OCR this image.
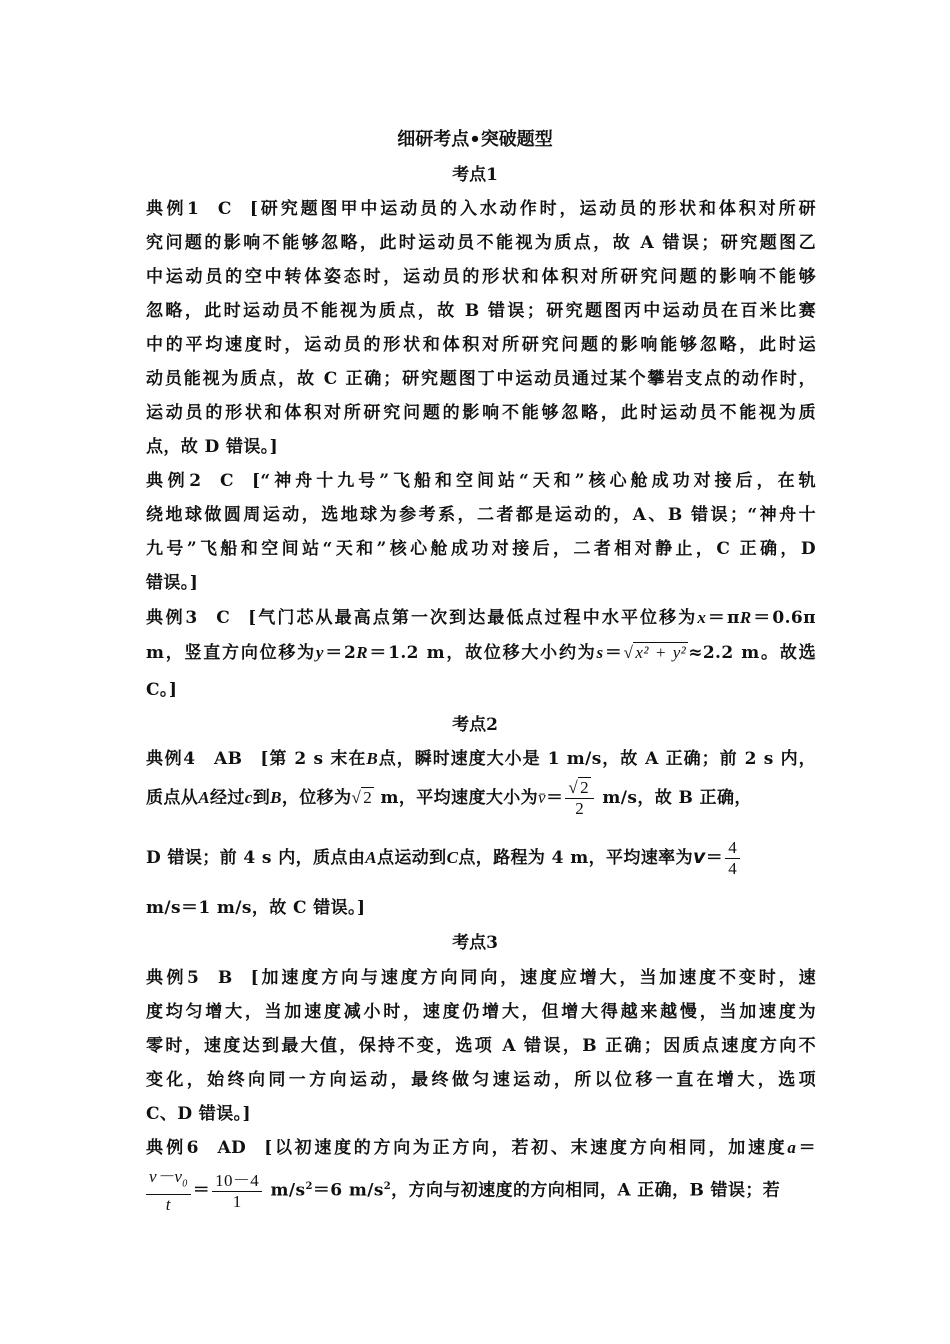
细研考点•突破题型
考点1
典例1 C [研究题图甲中运动员的入水动作时，运动员的形状和体积对所研
究问题的影响不能够忽略，此时运动员不能视为质点，故 A 错误；研究题图乙
中运动员的空中转体姿态时，运动员的形状和体积对所研究问题的影响不能够
忽略，此时运动员不能视为质点，故 B 错误；研究题图丙中运动员在百米比赛
中的平均速度时，运动员的形状和体积对所研究问题的影响能够忽略，此时运
动员能视为质点，故 C 正确；研究题图丁中运动员通过某个攀岩支点的动作时，
运动员的形状和体积对所研究问题的影响不能够忽略，此时运动员不能视为质
点，故 D 错误。]
典例2 C [“神舟十九号”飞船和空间站“天和”核心舱成功对接后，在轨
绕地球做圆周运动，选地球为参考系，二者都是运动的，A、B 错误；“神舟十
九号”飞船和空间站“天和”核心舱成功对接后，二者相对静止，C 正确，D
错误。]
典例3 C [气门芯从最高点第一次到达最低点过程中水平位移为x＝πR＝0.6π
m，竖直方向位移为y＝2R＝1.2 m，故位移大小约为s＝√ x² + y² ≈2.2 m。故选
C。]
考点2
典例4 AB [第 2 s 末在B点，瞬时速度大小是 1 m/s，故 A 正确；前 2 s 内，
质点从A经过c到B，位移为√ 2 m，平均速度大小为v̄＝ $\frac{√ 2}{2} m/s$，故 B 正确，
D 错误；前 4 s 内，质点由A点运动到C点，路程为 4 m，平均速率为$v= \frac{4}{4}$
m/s＝1 m/s，故 C 错误。]
考点3
典例5 B [加速度方向与速度方向同向，速度应增大，当加速度不变时，速
度均匀增大，当加速度减小时，速度仍增大，但增大得越来越慢，当加速度为
零时，速度达到最大值，保持不变，选项 A 错误，B 正确；因质点速度方向不
变化，始终向同一方向运动，最终做匀速运动，所以位移一直在增大，选项
C、D 错误。]
典例6 AD [以初速度的方向为正方向，若初、末速度方向相同，加速度a＝
$\frac{v-v_0}{t} = \frac{10-4}{1} m/s^2=6$ $m/s^2$，方向与初速度的方向相同，A 正确，B 错误；若
